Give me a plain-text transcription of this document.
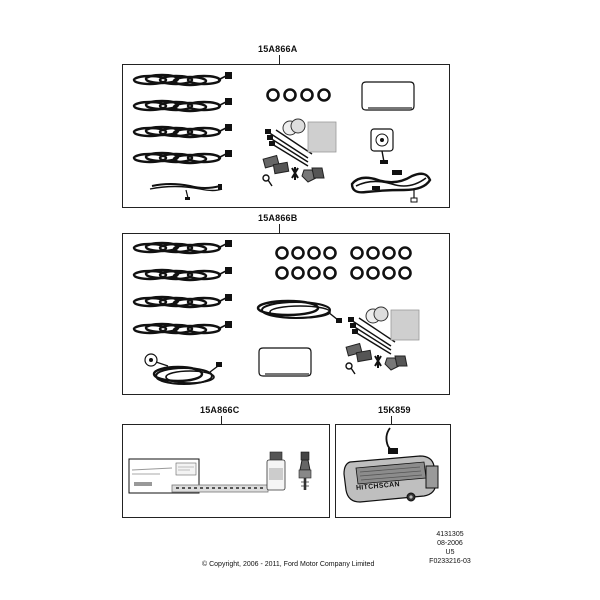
15A866A
15A866B
15A866C	15K859
HITCHSCAN
4131305
08-2006
U5
F0233216-03
© Copyright, 2006 - 2011, Ford Motor Company Limited
